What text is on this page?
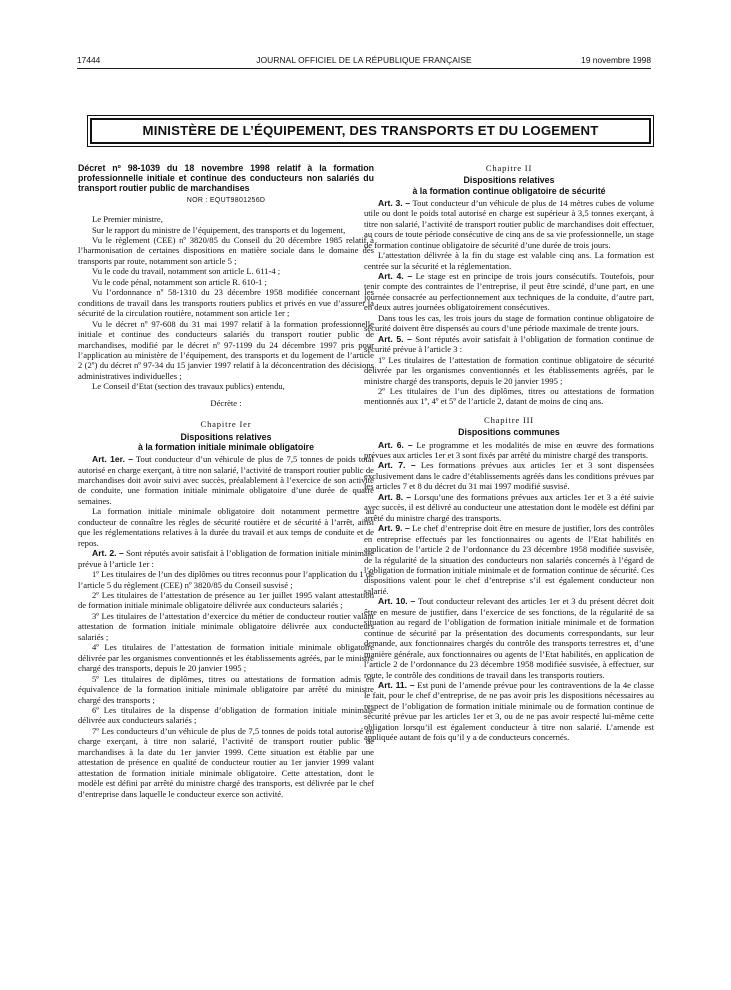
17444	JOURNAL OFFICIEL DE LA RÉPUBLIQUE FRANÇAISE	19 novembre 1998
MINISTÈRE DE L’ÉQUIPEMENT, DES TRANSPORTS ET DU LOGEMENT
Décret nº 98-1039 du 18 novembre 1998 relatif à la formation professionnelle initiale et continue des conducteurs non salariés du transport routier public de marchandises
NOR : EQUT9801256D

Le Premier ministre,

Sur le rapport du ministre de l’équipement, des transports et du logement,

Vu le règlement (CEE) nº 3820/85 du Conseil du 20 décembre 1985 relatif à l’harmonisation de certaines dispositions en matière sociale dans le domaine des transports par route, notamment son article 5 ;

Vu le code du travail, notamment son article L. 611-4 ;

Vu le code pénal, notamment son article R. 610-1 ;

Vu l’ordonnance nº 58-1310 du 23 décembre 1958 modifiée concernant les conditions de travail dans les transports routiers publics et privés en vue d’assurer la sécurité de la circulation routière, notamment son article 1er ;

Vu le décret nº 97-608 du 31 mai 1997 relatif à la formation professionnelle initiale et continue des conducteurs salariés du transport routier public de marchandises, modifié par le décret nº 97-1199 du 24 décembre 1997 pris pour l’application au ministère de l’équipement, des transports et du logement de l’article 2 (2º) du décret nº 97-34 du 15 janvier 1997 relatif à la déconcentration des décisions administratives individuelles ;

Le Conseil d’Etat (section des travaux publics) entendu,

Décrète :
Chapitre Ier
Dispositions relatives
à la formation initiale minimale obligatoire

Art. 1er. – Tout conducteur d’un véhicule de plus de 7,5 tonnes de poids total autorisé en charge exerçant, à titre non salarié, l’activité de transport routier public de marchandises doit avoir suivi avec succès, préalablement à l’exercice de son activité de conduite, une formation initiale minimale obligatoire d’une durée de quatre semaines.

La formation initiale minimale obligatoire doit notamment permettre au conducteur de connaître les règles de sécurité routière et de sécurité à l’arrêt, ainsi que les réglementations relatives à la durée du travail et aux temps de conduite et de repos.

Art. 2. – Sont réputés avoir satisfait à l’obligation de formation initiale minimale prévue à l’article 1er :

1º Les titulaires de l’un des diplômes ou titres reconnus pour l’application du 1 de l’article 5 du règlement (CEE) nº 3820/85 du Conseil susvisé ;

2º Les titulaires de l’attestation de présence au 1er juillet 1995 valant attestation de formation initiale minimale obligatoire délivrée aux conducteurs salariés ;

3º Les titulaires de l’attestation d’exercice du métier de conducteur routier valant attestation de formation initiale minimale obligatoire délivrée aux conducteurs salariés ;

4º Les titulaires de l’attestation de formation initiale minimale obligatoire délivrée par les organismes conventionnés et les établissements agréés, par le ministre chargé des transports, depuis le 20 janvier 1995 ;

5º Les titulaires de diplômes, titres ou attestations de formation admis en équivalence de la formation initiale minimale obligatoire par arrêté du ministre chargé des transports ;

6º Les titulaires de la dispense d’obligation de formation initiale minimale délivrée aux conducteurs salariés ;

7º Les conducteurs d’un véhicule de plus de 7,5 tonnes de poids total autorisé en charge exerçant, à titre non salarié, l’activité de transport routier public de marchandises à la date du 1er janvier 1999. Cette situation est établie par une attestation de présence en qualité de conducteur routier au 1er janvier 1999 valant attestation de formation initiale minimale obligatoire. Cette attestation, dont le modèle est défini par arrêté du ministre chargé des transports, est délivrée par le chef d’entreprise dans laquelle le conducteur exerce son activité.

Chapitre II
Dispositions relatives
à la formation continue obligatoire de sécurité

Art. 3. – Tout conducteur d’un véhicule de plus de 14 mètres cubes de volume utile ou dont le poids total autorisé en charge est supérieur à 3,5 tonnes exerçant, à titre non salarié, l’activité de transport routier public de marchandises doit effectuer, au cours de toute période consécutive de cinq ans de sa vie professionnelle, un stage de formation continue obligatoire de sécurité d’une durée de trois jours.

L’attestation délivrée à la fin du stage est valable cinq ans. La formation est centrée sur la sécurité et la réglementation.

Art. 4. – Le stage est en principe de trois jours consécutifs. Toutefois, pour tenir compte des contraintes de l’entreprise, il peut être scindé, d’une part, en une journée consacrée au perfectionnement aux techniques de la conduite, d’autre part, en deux autres journées obligatoirement consécutives.

Dans tous les cas, les trois jours du stage de formation continue obligatoire de sécurité doivent être dispensés au cours d’une période maximale de trente jours.

Art. 5. – Sont réputés avoir satisfait à l’obligation de formation continue de sécurité prévue à l’article 3 :

1º Les titulaires de l’attestation de formation continue obligatoire de sécurité délivrée par les organismes conventionnés et les établissements agréés, par le ministre chargé des transports, depuis le 20 janvier 1995 ;

2º Les titulaires de l’un des diplômes, titres ou attestations de formation mentionnés aux 1º, 4º et 5º de l’article 2, datant de moins de cinq ans.

Chapitre III
Dispositions communes

Art. 6. – Le programme et les modalités de mise en œuvre des formations prévues aux articles 1er et 3 sont fixés par arrêté du ministre chargé des transports.

Art. 7. – Les formations prévues aux articles 1er et 3 sont dispensées exclusivement dans le cadre d’établissements agréés dans les conditions prévues par les articles 7 et 8 du décret du 31 mai 1997 modifié susvisé.

Art. 8. – Lorsqu’une des formations prévues aux articles 1er et 3 a été suivie avec succès, il est délivré au conducteur une attestation dont le modèle est défini par arrêté du ministre chargé des transports.

Art. 9. – Le chef d’entreprise doit être en mesure de justifier, lors des contrôles en entreprise effectués par les fonctionnaires ou agents de l’Etat habilités en application de l’article 2 de l’ordonnance du 23 décembre 1958 modifiée susvisée, de la régularité de la situation des conducteurs non salariés concernés à l’égard de l’obligation de formation initiale minimale et de formation continue de sécurité. Ces dispositions valent pour le chef d’entreprise s’il est également conducteur non salarié.

Art. 10. – Tout conducteur relevant des articles 1er et 3 du présent décret doit être en mesure de justifier, dans l’exercice de ses fonctions, de la régularité de sa situation au regard de l’obligation de formation initiale minimale et de formation continue de sécurité par la présentation des documents correspondants, sur leur demande, aux fonctionnaires chargés du contrôle des transports terrestres et, d’une manière générale, aux fonctionnaires ou agents de l’Etat habilités, en application de l’article 2 de l’ordonnance du 23 décembre 1958 modifiée susvisée, à effectuer, sur route, le contrôle des conditions de travail dans les transports routiers.

Art. 11. – Est puni de l’amende prévue pour les contraventions de la 4e classe le fait, pour le chef d’entreprise, de ne pas avoir pris les dispositions nécessaires au respect de l’obligation de formation initiale minimale ou de formation continue de sécurité prévue par les articles 1er et 3, ou de ne pas avoir respecté lui-même cette obligation lorsqu’il est également conducteur à titre non salarié. L’amende est appliquée autant de fois qu’il y a de conducteurs concernés.
